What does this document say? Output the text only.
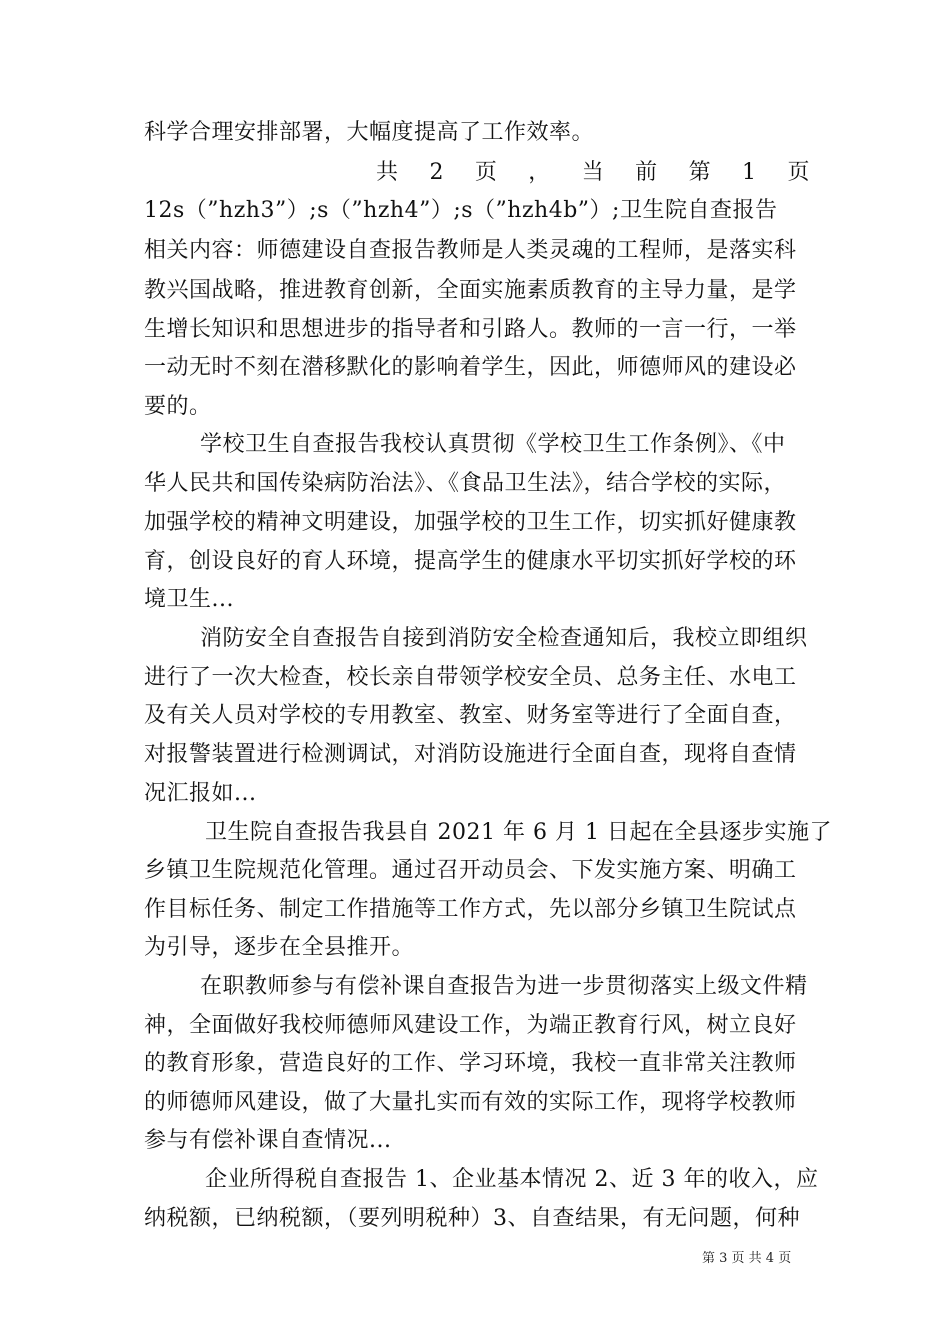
科学合理安排部署，大幅度提高了工作效率。
共 2 页 ， 当 前 第 1 页
12s（”hzh3”）;s（”hzh4”）;s（”hzh4b”）;卫生院自查报告
相关内容：师德建设自查报告教师是人类灵魂的工程师，是落实科
教兴国战略，推进教育创新，全面实施素质教育的主导力量，是学
生增长知识和思想进步的指导者和引路人。教师的一言一行，一举
一动无时不刻在潜移默化的影响着学生，因此，师德师风的建设必
要的。
学校卫生自查报告我校认真贯彻《学校卫生工作条例》、《中
华人民共和国传染病防治法》、《食品卫生法》，结合学校的实际，
加强学校的精神文明建设，加强学校的卫生工作，切实抓好健康教
育，创设良好的育人环境，提高学生的健康水平切实抓好学校的环
境卫生...
消防安全自查报告自接到消防安全检查通知后，我校立即组织
进行了一次大检查，校长亲自带领学校安全员、总务主任、水电工
及有关人员对学校的专用教室、教室、财务室等进行了全面自查，
对报警装置进行检测调试，对消防设施进行全面自查，现将自查情
况汇报如...
卫生院自查报告我县自 2021 年 6 月 1 日起在全县逐步实施了
乡镇卫生院规范化管理。通过召开动员会、下发实施方案、明确工
作目标任务、制定工作措施等工作方式，先以部分乡镇卫生院试点
为引导，逐步在全县推开。
在职教师参与有偿补课自查报告为进一步贯彻落实上级文件精
神，全面做好我校师德师风建设工作，为端正教育行风，树立良好
的教育形象，营造良好的工作、学习环境，我校一直非常关注教师
的师德师风建设，做了大量扎实而有效的实际工作，现将学校教师
参与有偿补课自查情况...
企业所得税自查报告 1、企业基本情况 2、近 3 年的收入，应
纳税额，已纳税额，（要列明税种）3、自查结果，有无问题，何种
第 3 页 共 4 页
